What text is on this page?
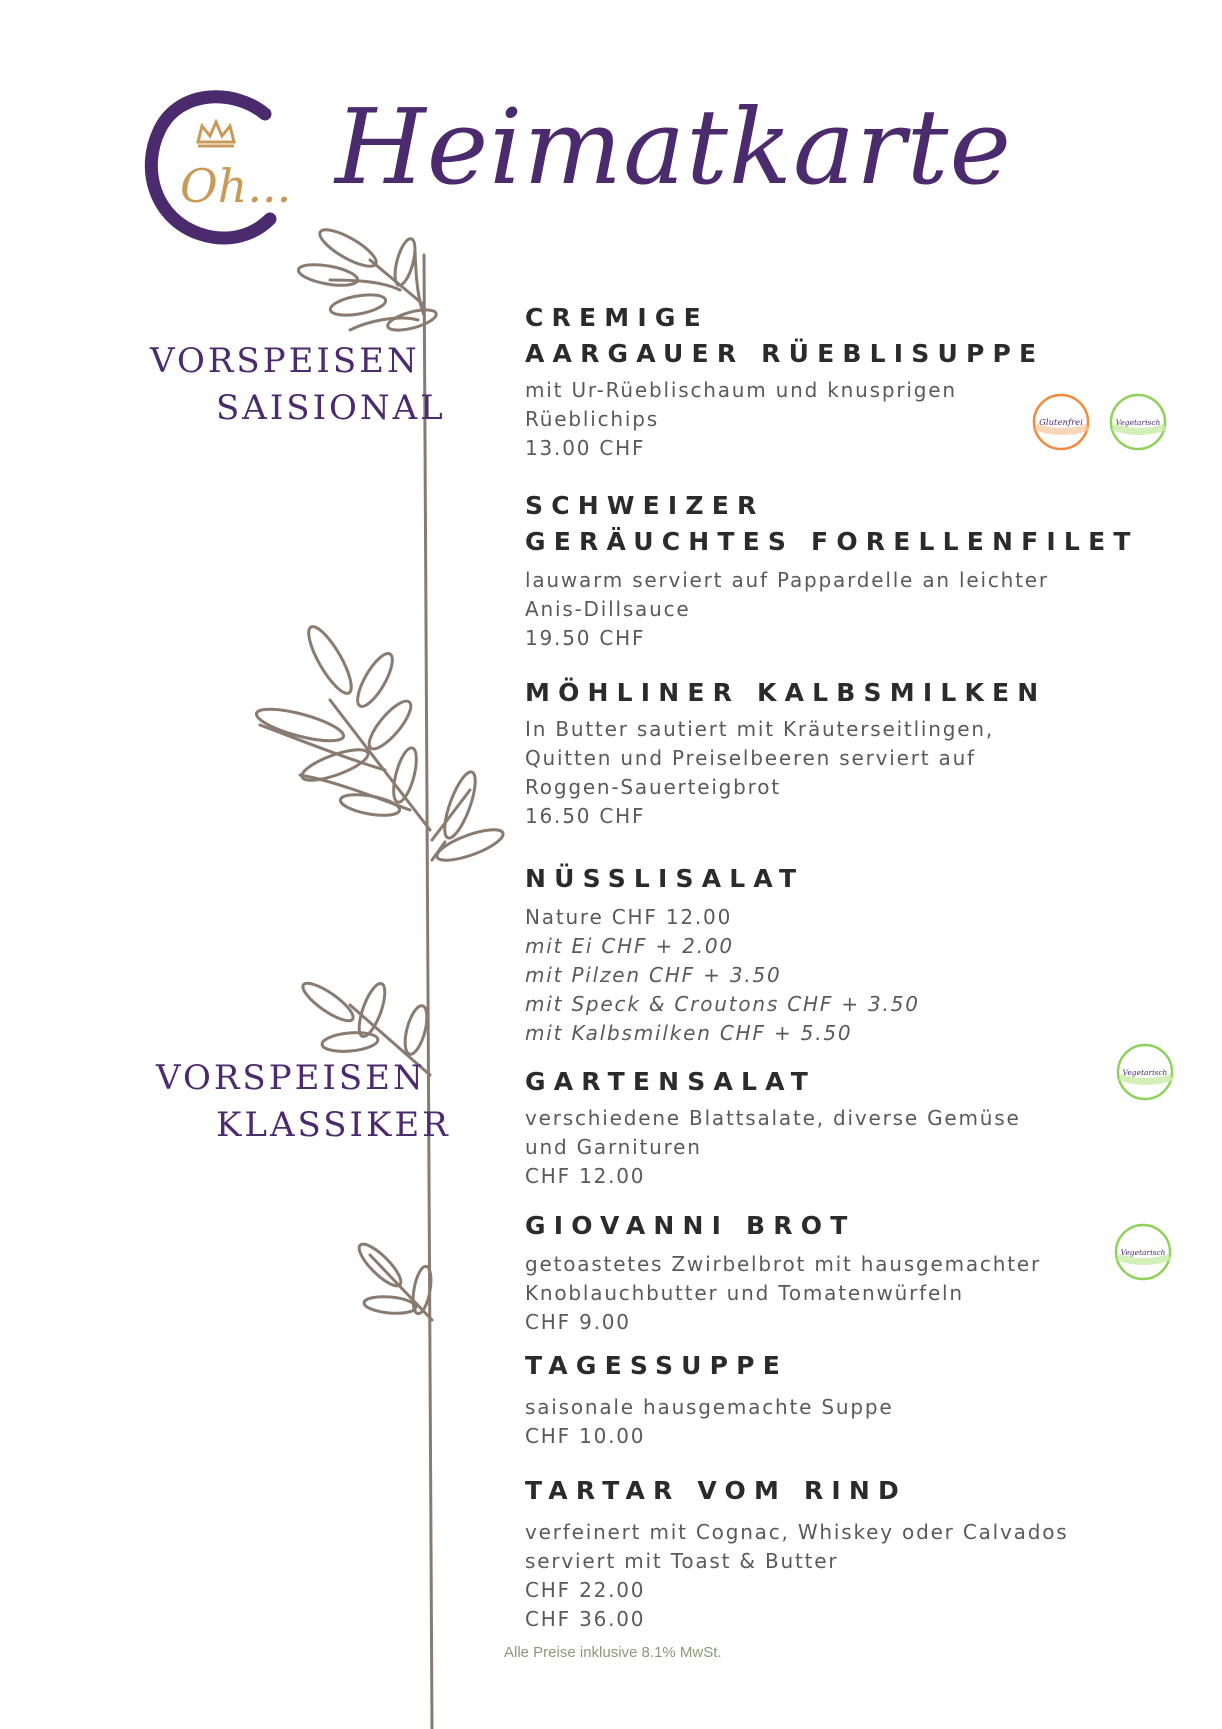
Oh... Heimatkarte
VORSPEISEN
SAISIONAL
VORSPEISEN
KLASSIKER
CREMIGE
AARGAUER RÜEBLISUPPE
mit Ur-Rüeblischaum und knusprigen
Rüeblichips
13.00 CHF
SCHWEIZER
GERÄUCHTES FORELLENFILET
lauwarm serviert auf Pappardelle an leichter
Anis-Dillsauce
19.50 CHF
MÖHLINER KALBSMILKEN
In Butter sautiert mit Kräuterseitlingen,
Quitten und Preiselbeeren serviert auf
Roggen-Sauerteigbrot
16.50 CHF
NÜSSLISALAT
Nature CHF 12.00
mit Ei CHF + 2.00
mit Pilzen CHF + 3.50
mit Speck & Croutons CHF + 3.50
mit Kalbsmilken CHF + 5.50
GARTENSALAT
verschiedene Blattsalate, diverse Gemüse
und Garnituren
CHF 12.00
GIOVANNI BROT
getoastetes Zwirbelbrot mit hausgemachter
Knoblauchbutter und Tomatenwürfeln
CHF 9.00
TAGESSUPPE
saisonale hausgemachte Suppe
CHF 10.00
TARTAR VOM RIND
verfeinert mit Cognac, Whiskey oder Calvados
serviert mit Toast & Butter
CHF 22.00
CHF 36.00
Glutenfrei	Vegetarisch
Vegetarisch
Vegetarisch
Alle Preise inklusive 8.1% MwSt.
